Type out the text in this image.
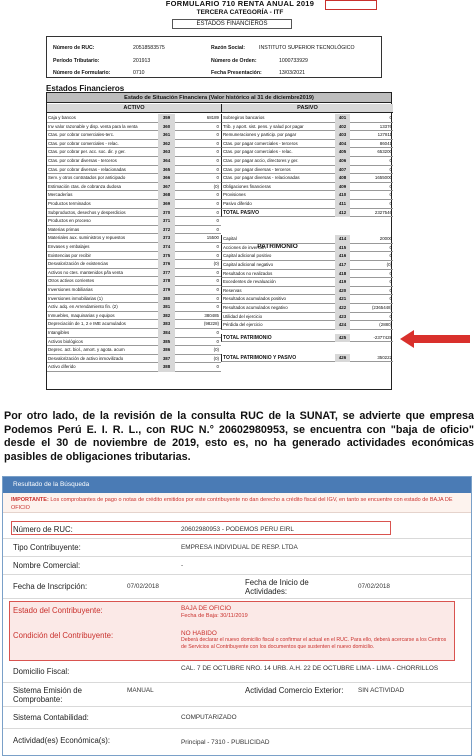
FORMULARIO 710 RENTA ANUAL 2019
TERCERA CATEGORÍA - ITF
ESTADOS FINANCIEROS
Número de RUC:	20518583575
Período Tributario:	201913
Número de Formulario:	0710
Razón Social:	INSTITUTO SUPERIOR TECNOLÓGICO
Número de Orden:	1000733929
Fecha Presentación:	13/03/2021
Estados Financieros
Estado de Situación Financiera (Valor histórico al 31 de diciembre2019)
ACTIVO	PASIVO
PATRIMONIO
Caja y bancos	359	68189
Inv valor razonable y disp. venta para la venta	360	0
Ctas. por cobrar comerciales-terc.	361	0
Ctas. por cobrar comerciales - relac.	362	0
Ctas. por cobrar per. acc. soc. dir. y ger.	363	0
Ctas. por cobrar diversas - terceros	364	0
Ctas. por cobrar diversas - relacionadas	365	0
Serv. y otros contratados por anticipado	366	0
Estimación ctas. de cobranza dudosa	367	(0)
Mercaderías	368	0
Productos terminados	369	0
Subproductos, desechos y desperdicios	370	0
Productos en proceso	371	0
Materias primas	372	0
Materiales aux. suministros y repuestos	373	15500
Envases y embalajes	374	0
Existencias por recibir	375	0
Desvalorización de existencias	376	(0)
Activos no ctes. mantenidos p/la venta	377	0
Otros activos corrientes	378	0
Inversiones mobiliarias	379	0
Inversiones inmobiliarias (1)	380	0
Activ. adq. en Arrendamiento fin. (2)	381	0
Inmuebles, maquinarias y equipos	382	380485
Depreciación de 1, 2 e IME acumulados	383	(98228)
Intangibles	384	0
Activos biológicos	385	0
Deprec. act. biol., amort. y agota. acum	386	(0)
Desvalorización de activo inmovilizado	387	(0)
Activo diferido	388	0
Sobregiros bancarios	401	0
Trib. y aport. sist. pens. y salud por pagar	402	13376
Remuneraciones y particip. por pagar	403	127811
Ctas. por pagar comerciales - terceros	404	86041
Ctas. por pagar comerciales - relac.	405	653200
Ctas. por pagar accio, directores y ger.	406	0
Ctas. por pagar diversas - terceros	407	0
Ctas. por pagar diversas - relacionadas	408	1655000
Obligaciones financieras	409	0
Provisiones	410	0
Pasivo diferido	411	0
TOTAL PASIVO	412	2327546
Capital	414	20000
Acciones de inversión	415	0
Capital adicional positivo	416	0
Capital adicional negativo	417	(0)
Resultados no realizados	418	0
Excedentes de revaluación	419	0
Reservas	420	0
Resultados acumulados positivo	421	0
Resultados acumulados negativo	422	(2365448)
Utilidad del ejercicio	423	0
Pérdida del ejercicio	424	(2880)
TOTAL PATRIMONIO	425	-2377428
TOTAL PATRIMONIO Y PASIVO	426	350222
Por otro lado, de la revisión de la consulta RUC de la SUNAT, se advierte que empresa Podemos Perú E. I. R. L., con RUC N.° 20602980953, se encuentra con "baja de oficio" desde el 30 de noviembre de 2019, esto es, no ha generado actividades económicas pasibles de obligaciones tributarias.
Resultado de la Búsqueda
IMPORTANTE: Los comprobantes de pago o notas de crédito emitidos por este contribuyente no dan derecho a crédito fiscal del IGV, en tanto se encuentre con estado de BAJA DE OFICIO
Número de RUC:	20602980953 - PODEMOS PERU EIRL
Tipo Contribuyente:	EMPRESA INDIVIDUAL DE RESP. LTDA
Nombre Comercial:	-
Fecha de Inscripción:	07/02/2018	Fecha de Inicio de Actividades:
07/02/2018
Estado del Contribuyente:	BAJA DE OFICIO
Fecha de Baja: 30/11/2019
Condición del Contribuyente:	NO HABIDO
Deberá declarar el nuevo domicilio fiscal o confirmar el actual en el RUC. Para ello, deberá acercarse a los Centros de Servicios al Contribuyente con los documentos que sustenten el nuevo domicilio.
Domicilio Fiscal:	CAL. 7 DE OCTUBRE NRO. 14 URB. A.H. 22 DE OCTUBRE LIMA - LIMA - CHORRILLOS
Sistema Emisión de Comprobante:
MANUAL	Actividad Comercio Exterior: SIN ACTIVIDAD
Sistema Contabilidad:	COMPUTARIZADO
Actividad(es) Económica(s):	Principal - 7310 - PUBLICIDAD
